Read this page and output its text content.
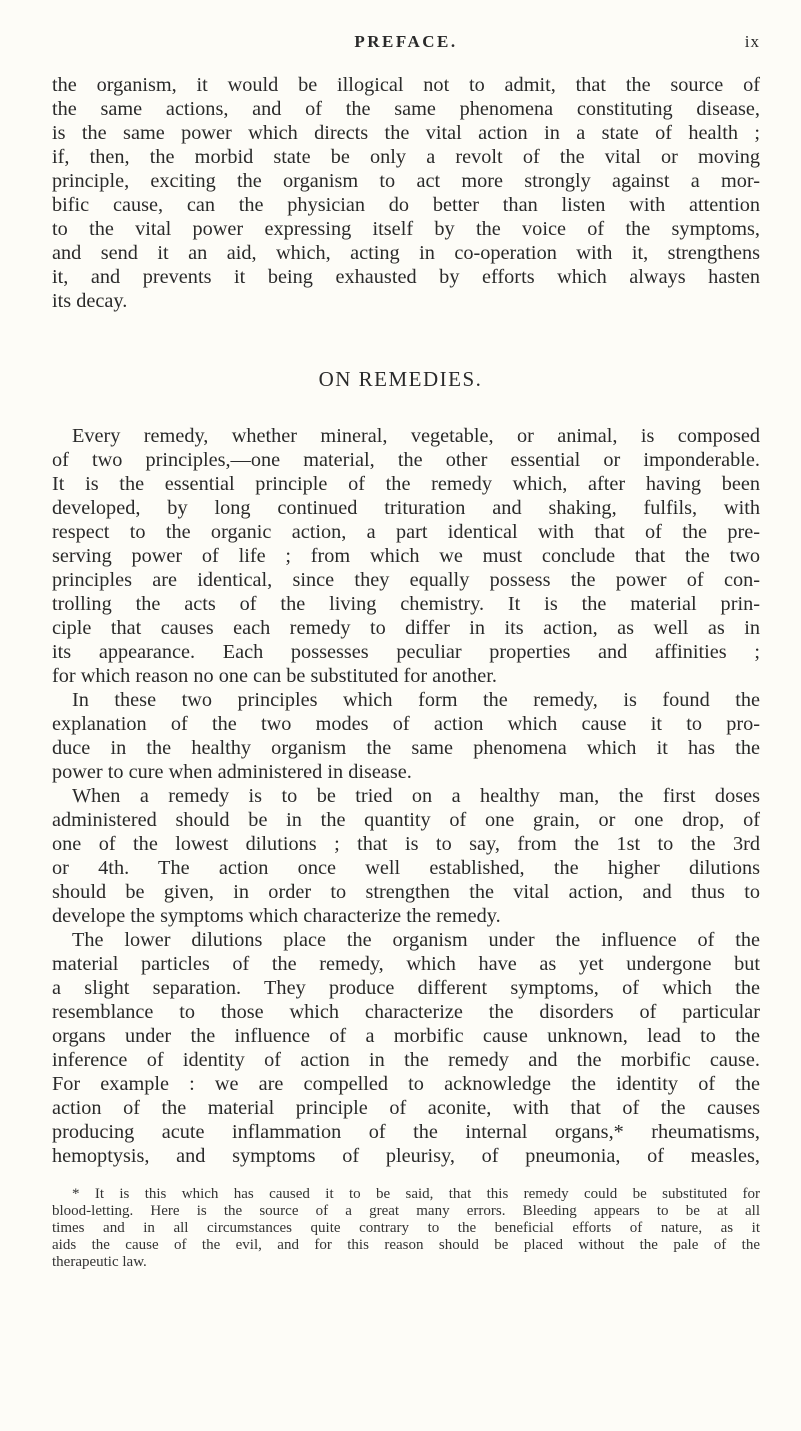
PREFACE.	ix
the organism, it would be illogical not to admit, that the source of
the same actions, and of the same phenomena constituting disease,
is the same power which directs the vital action in a state of health ;
if, then, the morbid state be only a revolt of the vital or moving
principle, exciting the organism to act more strongly against a mor-
bific cause, can the physician do better than listen with attention
to the vital power expressing itself by the voice of the symptoms,
and send it an aid, which, acting in co-operation with it, strengthens
it, and prevents it being exhausted by efforts which always hasten
its decay.
ON REMEDIES.
Every remedy, whether mineral, vegetable, or animal, is composed
of two principles,—one material, the other essential or imponderable.
It is the essential principle of the remedy which, after having been
developed, by long continued trituration and shaking, fulfils, with
respect to the organic action, a part identical with that of the pre-
serving power of life ; from which we must conclude that the two
principles are identical, since they equally possess the power of con-
trolling the acts of the living chemistry. It is the material prin-
ciple that causes each remedy to differ in its action, as well as in
its appearance. Each possesses peculiar properties and affinities ;
for which reason no one can be substituted for another.
In these two principles which form the remedy, is found the
explanation of the two modes of action which cause it to pro-
duce in the healthy organism the same phenomena which it has the
power to cure when administered in disease.
When a remedy is to be tried on a healthy man, the first doses
administered should be in the quantity of one grain, or one drop, of
one of the lowest dilutions ; that is to say, from the 1st to the 3rd
or 4th. The action once well established, the higher dilutions
should be given, in order to strengthen the vital action, and thus to
develope the symptoms which characterize the remedy.
The lower dilutions place the organism under the influence of the
material particles of the remedy, which have as yet undergone but
a slight separation. They produce different symptoms, of which the
resemblance to those which characterize the disorders of particular
organs under the influence of a morbific cause unknown, lead to the
inference of identity of action in the remedy and the morbific cause.
For example : we are compelled to acknowledge the identity of the
action of the material principle of aconite, with that of the causes
producing acute inflammation of the internal organs,* rheumatisms,
hemoptysis, and symptoms of pleurisy, of pneumonia, of measles,
* It is this which has caused it to be said, that this remedy could be substituted for
blood-letting. Here is the source of a great many errors. Bleeding appears to be at all
times and in all circumstances quite contrary to the beneficial efforts of nature, as it
aids the cause of the evil, and for this reason should be placed without the pale of the
therapeutic law.
